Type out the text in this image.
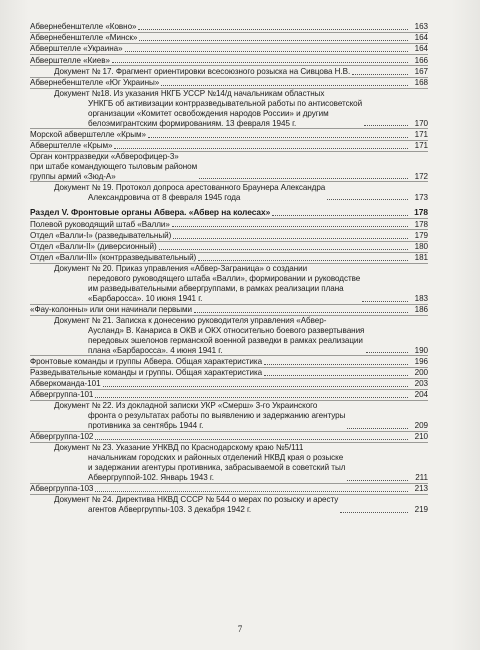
Абвернебенштелле «Ковно»	163
Абвернебенштелле «Минск»	164
Абверштелле «Украина»	164
Абверштелле «Киев»	166
Документ № 17. Фрагмент ориентировки всесоюзного розыска на Сивцова Н.В.	167
Абвернебенштелле «Юг Украины»	168
Документ №18. Из указания НКГБ УССР №14/д начальникам областных
УНКГБ об активизации контрразведывательной работы по антисоветской
организации «Комитет освобождения народов России» и другим
белоэмигрантским формированиям. 13 февраля 1945 г.	170
Морской абверштелле «Крым»	171
Абверштелле «Крым»	171
Орган контрразведки «Абверофицер-3»
при штабе командующего тыловым районом
группы армий «Зюд-А»	172
Документ № 19. Протокол допроса арестованного Браунера Александра
Александровича от 8 февраля 1945 года	173
Раздел V. Фронтовые органы Абвера. «Абвер на колесах»	178
Полевой руководящий штаб «Валли»	178
Отдел «Валли-I» (разведывательный)	179
Отдел «Валли-II» (диверсионный)	180
Отдел «Валли-III» (контрразведывательный)	181
Документ № 20. Приказ управления «Абвер-Заграница» о создании
передового руководящего штаба «Валли», формировании и руководстве
им разведывательными абвергруппами, в рамках реализации плана
«Барбаросса». 10 июня 1941 г.	183
«Фау-колонны» или они начинали первыми	186
Документ № 21. Записка к донесению руководителя управления «Абвер-
Аусланд» В. Канариса в ОКВ и ОКХ относительно боевого развертывания
передовых эшелонов германской военной разведки в рамках реализации
плана «Барбаросса». 4 июня 1941 г.	190
Фронтовые команды и группы Абвера. Общая характеристика	196
Разведывательные команды и группы. Общая характеристика	200
Абверкоманда-101	203
Абвергруппа-101	204
Документ № 22. Из докладной записки УКР «Смерш» 3-го Украинского
фронта о результатах работы по выявлению и задержанию агентуры
противника за сентябрь 1944 г.	209
Абвергруппа-102	210
Документ № 23. Указание УНКВД по Краснодарскому краю №5/111
начальникам городских и районных отделений НКВД края о розыске
и задержании агентуры противника, забрасываемой в советский тыл
Абвергруппой-102. Январь 1943 г.	211
Абвергруппа-103	213
Документ № 24. Директива НКВД СССР № 544 о мерах по розыску и аресту
агентов Абвергруппы-103. 3 декабря 1942 г.	219
7
